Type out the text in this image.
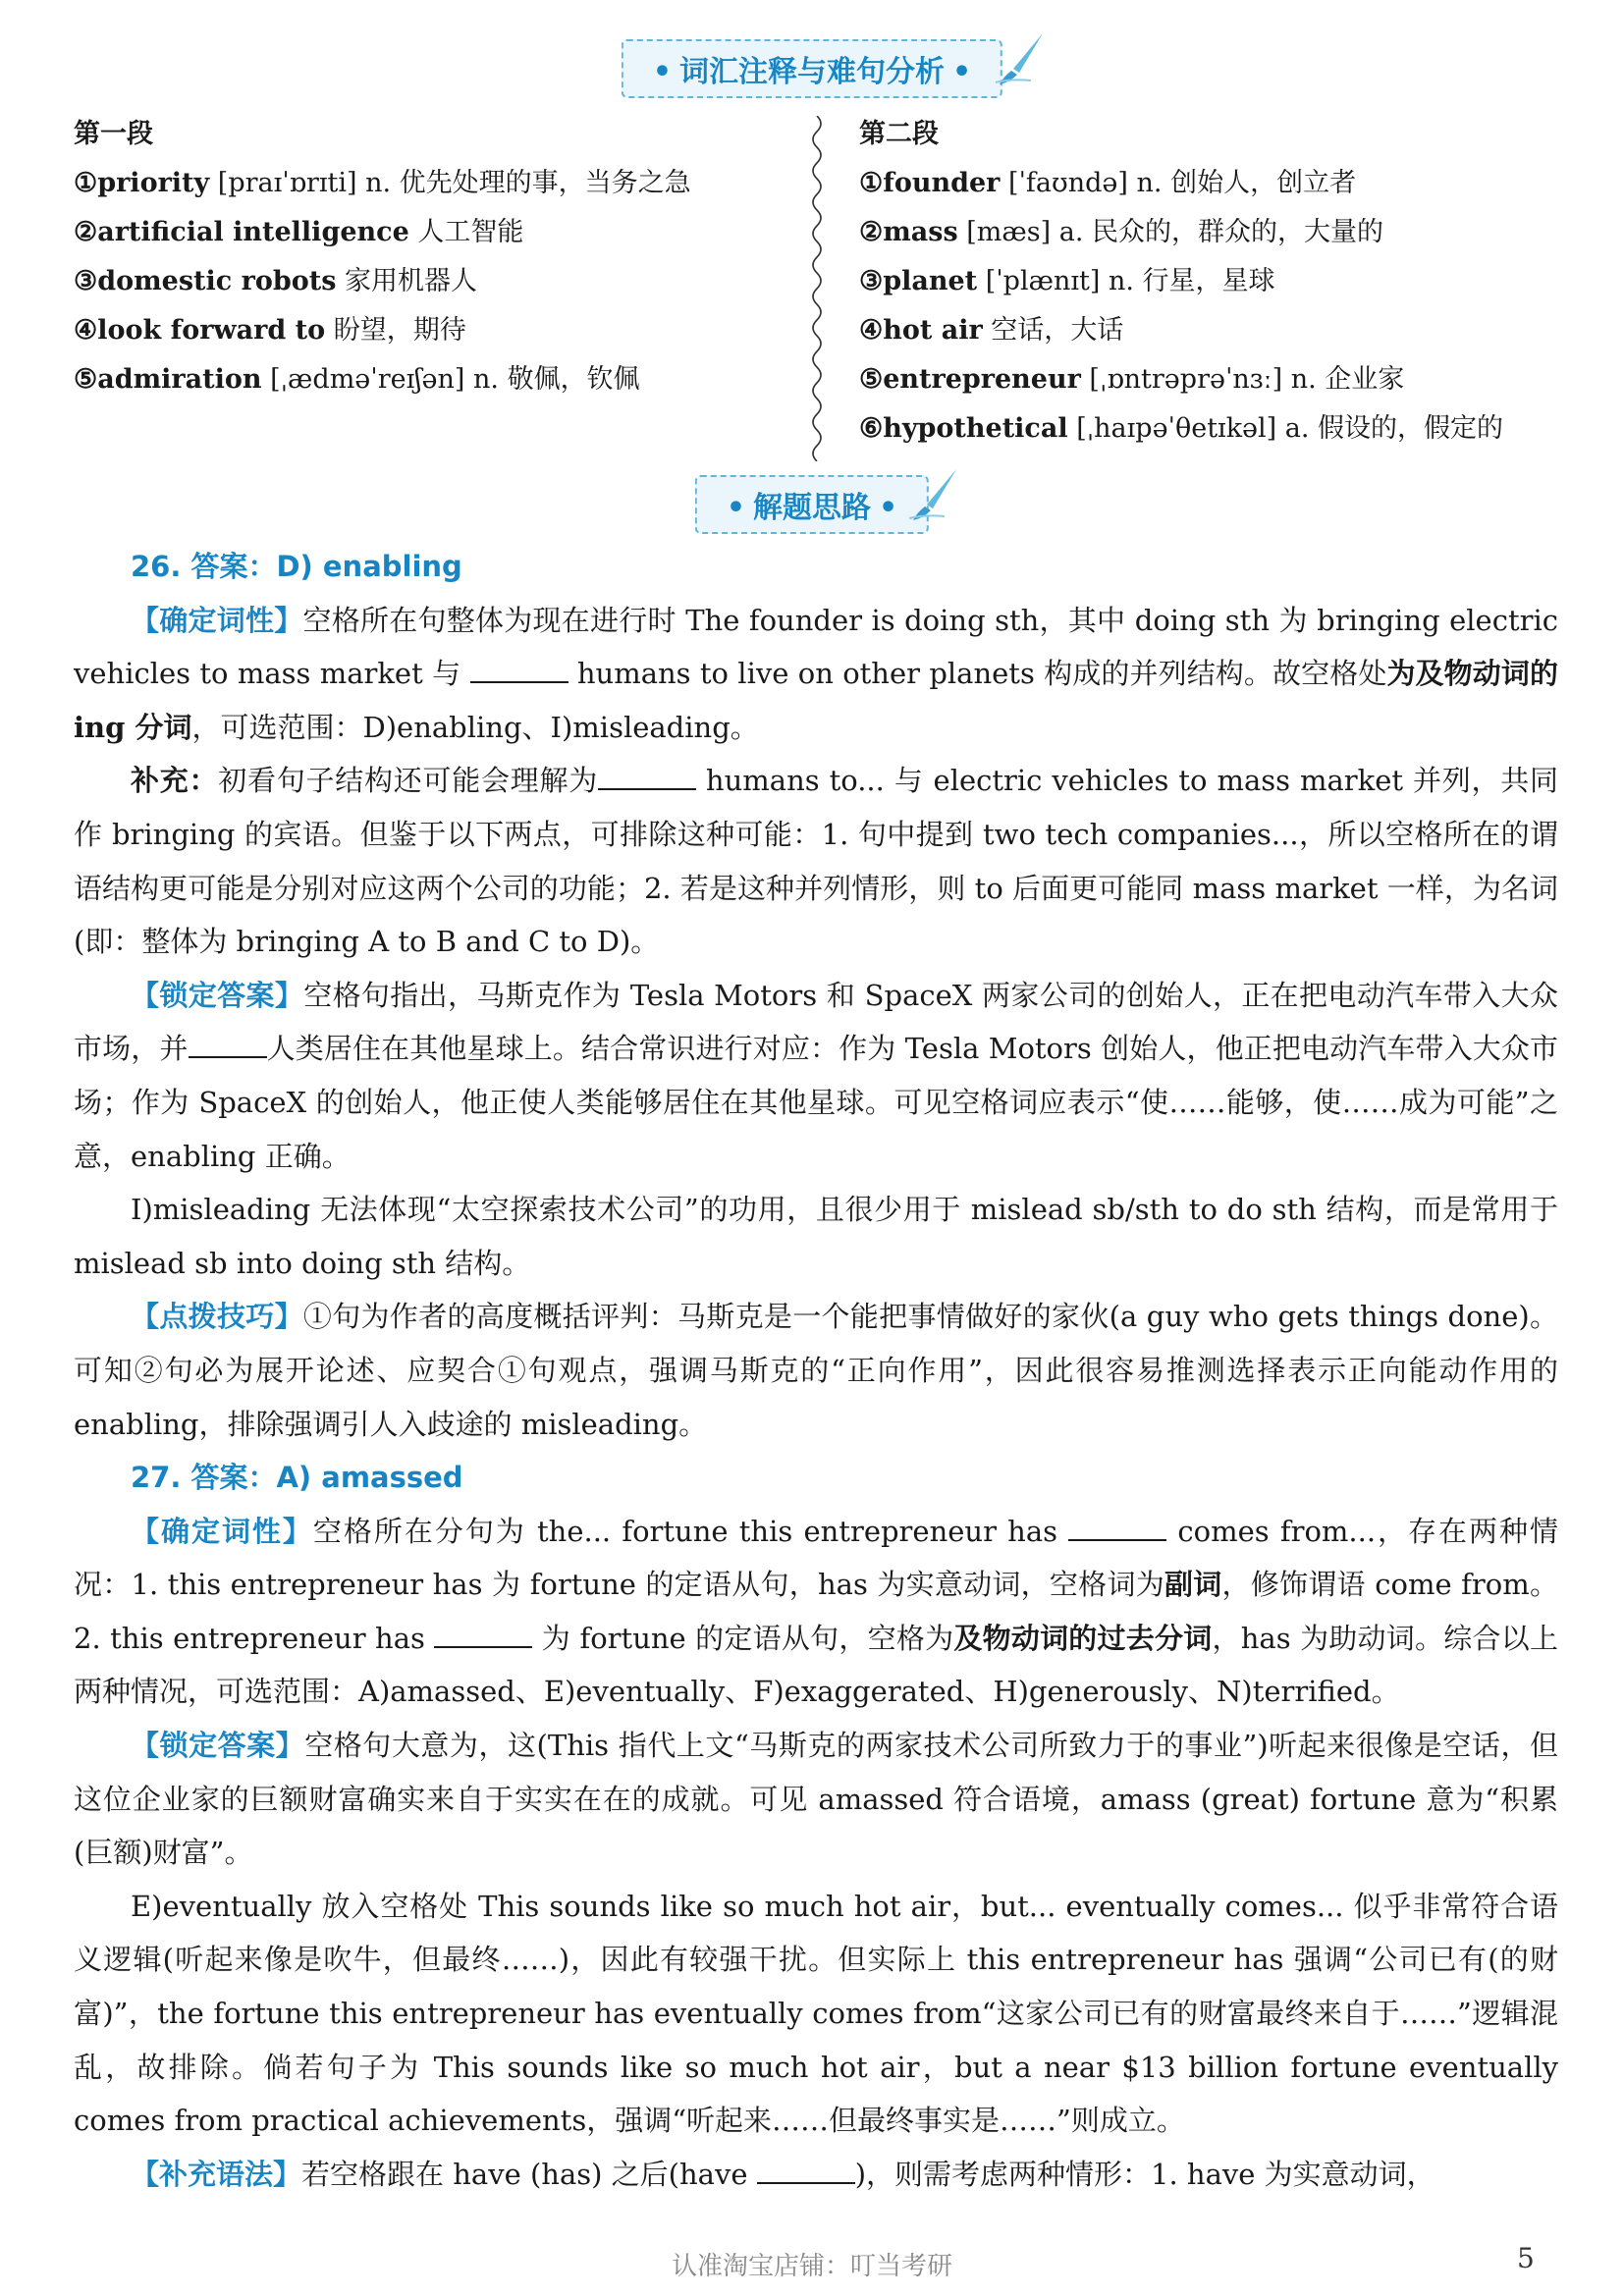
• 词汇注释与难句分析 •
第一段
①priority [praɪˈɒrɪti] n. 优先处理的事，当务之急
②artificial intelligence 人工智能
③domestic robots 家用机器人
④look forward to 盼望，期待
⑤admiration [ˌædməˈreɪʃən] n. 敬佩，钦佩
第二段
①founder [ˈfaʊndə] n. 创始人，创立者
②mass [mæs] a. 民众的，群众的，大量的
③planet [ˈplænɪt] n. 行星，星球
④hot air 空话，大话
⑤entrepreneur [ˌɒntrəprəˈnɜː] n. 企业家
⑥hypothetical [ˌhaɪpəˈθetɪkəl] a. 假设的，假定的
• 解题思路 •

26. 答案：D) enabling

【确定词性】空格所在句整体为现在进行时 The founder is doing sth，其中 doing sth 为 bringing electric vehicles to mass market 与	humans to live on other planets 构成的并列结构。故空格处为及物动词的 ing 分词，可选范围：D)enabling、I)misleading。

补充：初看句子结构还可能会理解为	humans to... 与 electric vehicles to mass market 并列，共同作 bringing 的宾语。但鉴于以下两点，可排除这种可能：1. 句中提到 two tech companies...，所以空格所在的谓语结构更可能是分别对应这两个公司的功能；2. 若是这种并列情形，则 to 后面更可能同 mass market 一样，为名词(即：整体为 bringing A to B and C to D)。

【锁定答案】空格句指出，马斯克作为 Tesla Motors 和 SpaceX 两家公司的创始人，正在把电动汽车带入大众市场，并	人类居住在其他星球上。结合常识进行对应：作为 Tesla Motors 创始人，他正把电动汽车带入大众市场；作为 SpaceX 的创始人，他正使人类能够居住在其他星球。可见空格词应表示“使……能够，使……成为可能”之意，enabling 正确。

I)misleading 无法体现“太空探索技术公司”的功用，且很少用于 mislead sb/sth to do sth 结构，而是常用于 mislead sb into doing sth 结构。

【点拨技巧】①句为作者的高度概括评判：马斯克是一个能把事情做好的家伙(a guy who gets things done)。可知②句必为展开论述、应契合①句观点，强调马斯克的“正向作用”，因此很容易推测选择表示正向能动作用的 enabling，排除强调引人入歧途的 misleading。

27. 答案：A) amassed

【确定词性】空格所在分句为 the... fortune this entrepreneur has	comes from...，存在两种情况：1. this entrepreneur has 为 fortune 的定语从句，has 为实意动词，空格词为副词，修饰谓语 come from。2. this entrepreneur has	为 fortune 的定语从句，空格为及物动词的过去分词，has 为助动词。综合以上两种情况，可选范围：A)amassed、E)eventually、F)exaggerated、H)generously、N)terrified。

【锁定答案】空格句大意为，这(This 指代上文“马斯克的两家技术公司所致力于的事业”)听起来很像是空话，但这位企业家的巨额财富确实来自于实实在在的成就。可见 amassed 符合语境，amass (great) fortune 意为“积累(巨额)财富”。

E)eventually 放入空格处 This sounds like so much hot air，but... eventually comes... 似乎非常符合语义逻辑(听起来像是吹牛，但最终……)，因此有较强干扰。但实际上 this entrepreneur has 强调“公司已有(的财富)”，the fortune this entrepreneur has eventually comes from“这家公司已有的财富最终来自于……”逻辑混乱，故排除。倘若句子为 This sounds like so much hot air，but a near $13 billion fortune eventually comes from practical achievements，强调“听起来……但最终事实是……”则成立。

【补充语法】若空格跟在 have (has) 之后(have	)，则需考虑两种情形：1. have 为实意动词，

认准淘宝店铺：叮当考研	5
